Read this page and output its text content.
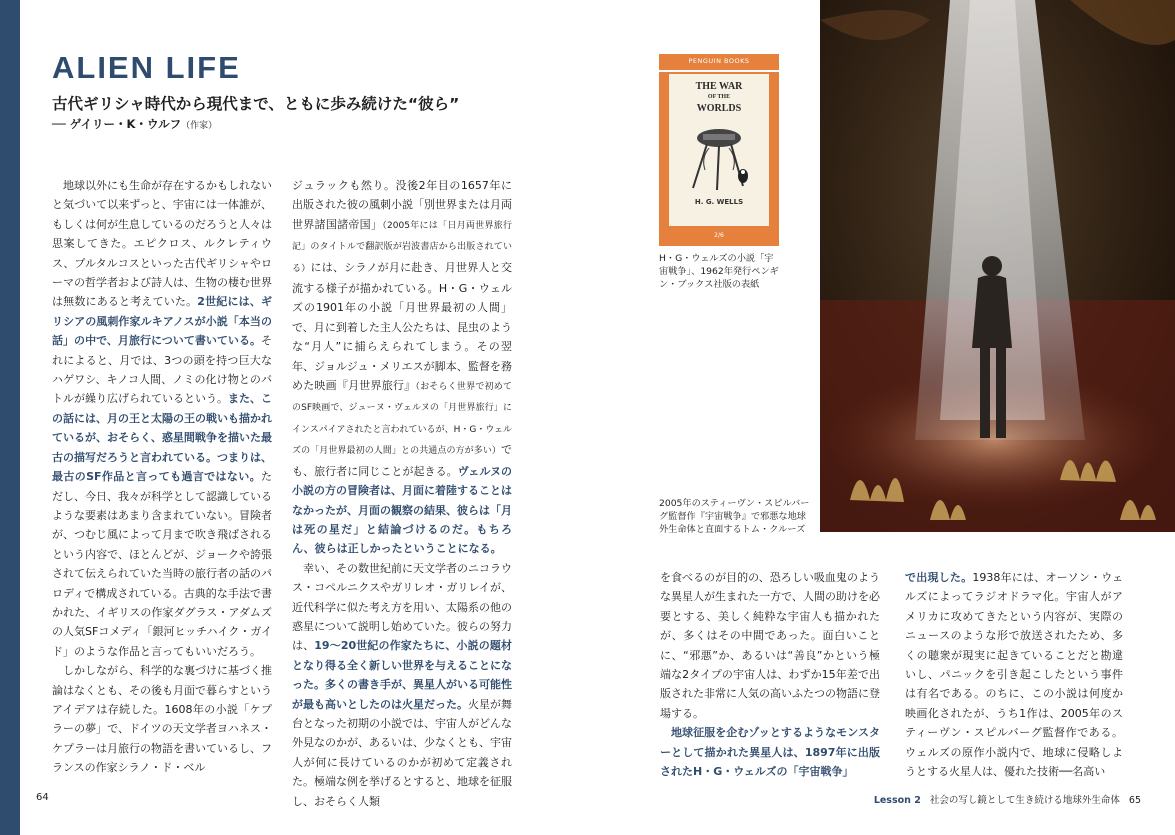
ALIEN LIFE
古代ギリシャ時代から現代まで、ともに歩み続けた“彼ら”
── ゲイリー・K・ウルフ（作家）

地球以外にも生命が存在するかもしれないと気づいて以来ずっと、宇宙には一体誰が、もしくは何が生息しているのだろうと人々は思案してきた。エピクロス、ルクレティウス、プルタルコスといった古代ギリシャやローマの哲学者および詩人は、生物の棲む世界は無数にあると考えていた。2世紀には、ギリシアの風刺作家ルキアノスが小説「本当の話」の中で、月旅行について書いている。それによると、月では、3つの頭を持つ巨大なハゲワシ、キノコ人間、ノミの化け物とのバトルが繰り広げられているという。また、この話には、月の王と太陽の王の戦いも描かれているが、おそらく、惑星間戦争を描いた最古の描写だろうと言われている。つまりは、最古のSF作品と言っても過言ではない。ただし、今日、我々が科学として認識しているような要素はあまり含まれていない。冒険者が、つむじ風によって月まで吹き飛ばされるという内容で、ほとんどが、ジョークや誇張されて伝えられていた当時の旅行者の話のパロディで構成されている。古典的な手法で書かれた、イギリスの作家ダグラス・アダムズの人気SFコメディ「銀河ヒッチハイク・ガイド」のような作品と言ってもいいだろう。

しかしながら、科学的な裏づけに基づく推論はなくとも、その後も月面で暮らすというアイデアは存続した。1608年の小説「ケプラーの夢」で、ドイツの天文学者ヨハネス・ケプラーは月旅行の物語を書いているし、フランスの作家シラノ・ド・ベル

ジュラックも然り。没後2年目の1657年に出版された彼の風刺小説「別世界または月両世界諸国諸帝国」（2005年には「日月両世界旅行記」のタイトルで翻訳版が岩波書店から出版されている）には、シラノが月に赴き、月世界人と交流する様子が描かれている。H・G・ウェルズの1901年の小説「月世界最初の人間」で、月に到着した主人公たちは、昆虫のような“月人”に捕らえられてしまう。その翌年、ジョルジュ・メリエスが脚本、監督を務めた映画『月世界旅行』（おそらく世界で初めてのSF映画で、ジューヌ・ヴェルヌの「月世界旅行」にインスパイアされたと言われているが、H・G・ウェルズの「月世界最初の人間」との共通点の方が多い）でも、旅行者に同じことが起きる。ヴェルヌの小説の方の冒険者は、月面に着陸することはなかったが、月面の観察の結果、彼らは「月は死の星だ」と結論づけるのだ。もちろん、彼らは正しかったということになる。

幸い、その数世紀前に天文学者のニコラウス・コペルニクスやガリレオ・ガリレイが、近代科学に似た考え方を用い、太陽系の他の惑星について説明し始めていた。彼らの努力は、19〜20世紀の作家たちに、小説の題材となり得る全く新しい世界を与えることになった。多くの書き手が、異星人がいる可能性が最も高いとしたのは火星だった。火星が舞台となった初期の小説では、宇宙人がどんな外見なのかが、あるいは、少なくとも、宇宙人が何に長けているのかが初めて定義された。極端な例を挙げるとすると、地球を征服し、おそらく人類

PENGUIN BOOKS
THE WAR
OF THE
WORLDS
H. G. WELLS
2/6

H・G・ウェルズの小説「宇宙戦争」、1962年発行ペンギン・ブックス社版の表紙

2005年のスティーヴン・スピルバーグ監督作『宇宙戦争』で邪悪な地球外生命体と直面するトム・クルーズ

を食べるのが目的の、恐ろしい吸血鬼のような異星人が生まれた一方で、人間の助けを必要とする、美しく純粋な宇宙人も描かれたが、多くはその中間であった。面白いことに、“邪悪”か、あるいは“善良”かという極端な2タイプの宇宙人は、わずか15年差で出版された非常に人気の高いふたつの物語に登場する。

地球征服を企むゾッとするようなモンスターとして描かれた異星人は、1897年に出版されたH・G・ウェルズの「宇宙戦争」

で出現した。1938年には、オーソン・ウェルズによってラジオドラマ化。宇宙人がアメリカに攻めてきたという内容が、実際のニュースのような形で放送されたため、多くの聴衆が現実に起きていることだと勘違いし、パニックを引き起こしたという事件は有名である。のちに、この小説は何度か映画化されたが、うち1作は、2005年のスティーヴン・スピルバーグ監督作である。ウェルズの原作小説内で、地球に侵略しようとする火星人は、優れた技術──名高い

64	Lesson 2 社会の写し鏡として生き続ける地球外生命体 65
